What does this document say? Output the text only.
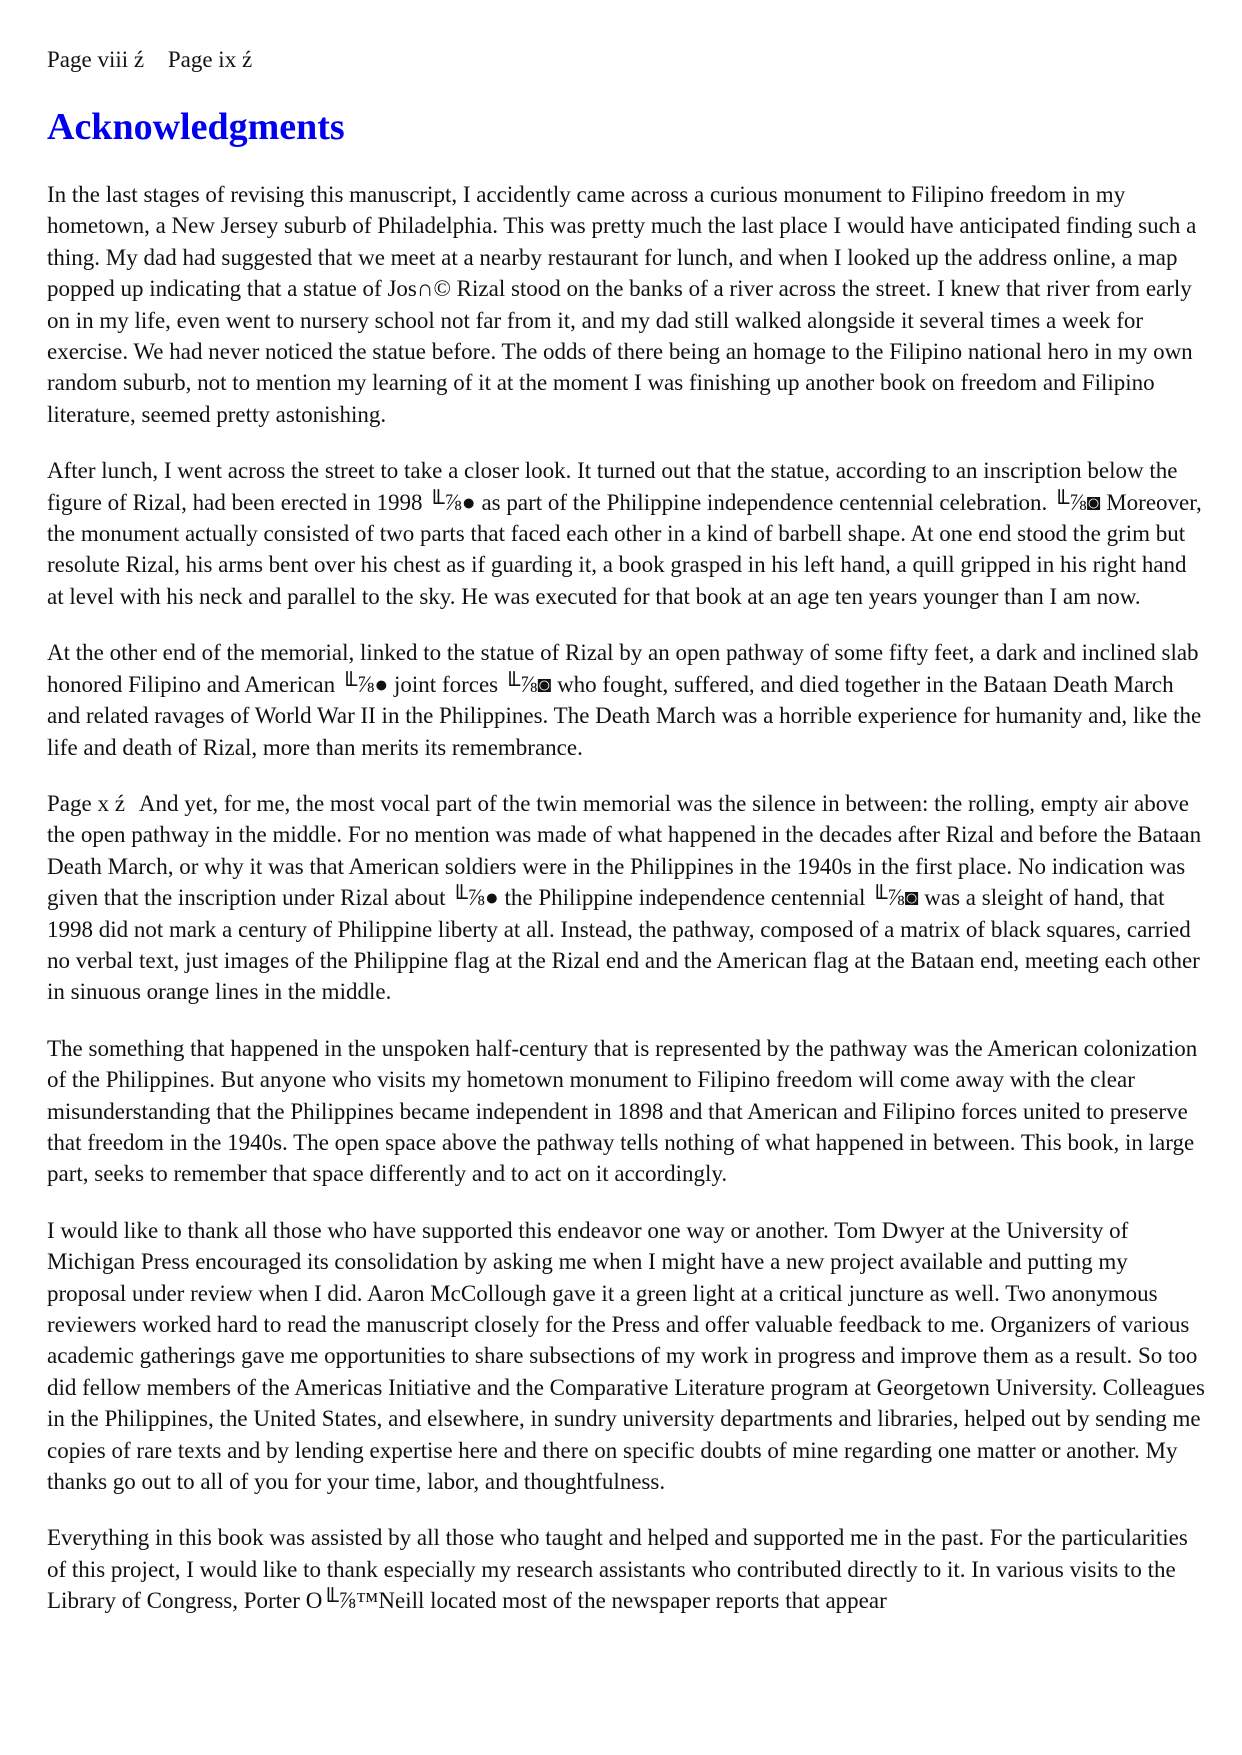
Page viii ź Page ix ź

Acknowledgments

In the last stages of revising this manuscript, I accidently came across a curious monument to Filipino freedom in my hometown, a New Jersey suburb of Philadelphia. This was pretty much the last place I would have anticipated finding such a thing. My dad had suggested that we meet at a nearby restaurant for lunch, and when I looked up the address online, a map popped up indicating that a statue of Jos∩© Rizal stood on the banks of a river across the street. I knew that river from early on in my life, even went to nursery school not far from it, and my dad still walked alongside it several times a week for exercise. We had never noticed the statue before. The odds of there being an homage to the Filipino national hero in my own random suburb, not to mention my learning of it at the moment I was finishing up another book on freedom and Filipino literature, seemed pretty astonishing.

After lunch, I went across the street to take a closer look. It turned out that the statue, according to an inscription below the figure of Rizal, had been erected in 1998 ╙⅞● as part of the Philippine independence centennial celebration. ╙⅞◙ Moreover, the monument actually consisted of two parts that faced each other in a kind of barbell shape. At one end stood the grim but resolute Rizal, his arms bent over his chest as if guarding it, a book grasped in his left hand, a quill gripped in his right hand at level with his neck and parallel to the sky. He was executed for that book at an age ten years younger than I am now.

At the other end of the memorial, linked to the statue of Rizal by an open pathway of some fifty feet, a dark and inclined slab honored Filipino and American ╙⅞● joint forces ╙⅞◙ who fought, suffered, and died together in the Bataan Death March and related ravages of World War II in the Philippines. The Death March was a horrible experience for humanity and, like the life and death of Rizal, more than merits its remembrance.

Page x ź And yet, for me, the most vocal part of the twin memorial was the silence in between: the rolling, empty air above the open pathway in the middle. For no mention was made of what happened in the decades after Rizal and before the Bataan Death March, or why it was that American soldiers were in the Philippines in the 1940s in the first place. No indication was given that the inscription under Rizal about ╙⅞● the Philippine independence centennial ╙⅞◙ was a sleight of hand, that 1998 did not mark a century of Philippine liberty at all. Instead, the pathway, composed of a matrix of black squares, carried no verbal text, just images of the Philippine flag at the Rizal end and the American flag at the Bataan end, meeting each other in sinuous orange lines in the middle.

The something that happened in the unspoken half-century that is represented by the pathway was the American colonization of the Philippines. But anyone who visits my hometown monument to Filipino freedom will come away with the clear misunderstanding that the Philippines became independent in 1898 and that American and Filipino forces united to preserve that freedom in the 1940s. The open space above the pathway tells nothing of what happened in between. This book, in large part, seeks to remember that space differently and to act on it accordingly.

I would like to thank all those who have supported this endeavor one way or another. Tom Dwyer at the University of Michigan Press encouraged its consolidation by asking me when I might have a new project available and putting my proposal under review when I did. Aaron McCollough gave it a green light at a critical juncture as well. Two anonymous reviewers worked hard to read the manuscript closely for the Press and offer valuable feedback to me. Organizers of various academic gatherings gave me opportunities to share subsections of my work in progress and improve them as a result. So too did fellow members of the Americas Initiative and the Comparative Literature program at Georgetown University. Colleagues in the Philippines, the United States, and elsewhere, in sundry university departments and libraries, helped out by sending me copies of rare texts and by lending expertise here and there on specific doubts of mine regarding one matter or another. My thanks go out to all of you for your time, labor, and thoughtfulness.

Everything in this book was assisted by all those who taught and helped and supported me in the past. For the particularities of this project, I would like to thank especially my research assistants who contributed directly to it. In various visits to the Library of Congress, Porter O╙⅞™Neill located most of the newspaper reports that appear
